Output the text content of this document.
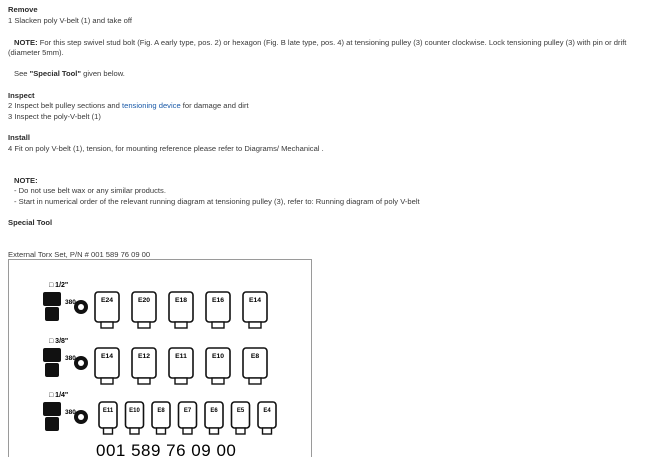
Remove
1 Slacken poly V-belt (1) and take off
NOTE: For this step swivel stud bolt (Fig. A early type, pos. 2) or hexagon (Fig. B late type, pos. 4) at tensioning pulley (3) counter clockwise. Lock tensioning pulley (3) with pin or drift (diameter 5mm).
See "Special Tool" given below.
Inspect
2 Inspect belt pulley sections and tensioning device for damage and dirt
3 Inspect the poly-V-belt (1)
Install
4 Fit on poly V-belt (1), tension, for mounting reference please refer to Diagrams/ Mechanical .
NOTE:
- Do not use belt wax or any similar products.
- Start in numerical order of the relevant running diagram at tensioning pulley (3), refer to: Running diagram of poly V-belt
Special Tool
External Torx Set, P/N # 001 589 76 09 00
□ 1/2"
380-	E24	E20	E18	E16	E14
□ 3/8"
380-	E14	E12	E11	E10	E8
□ 1/4"
380-	E11	E10	E8	E7	E6	E5	E4
001 589 76 09 00
